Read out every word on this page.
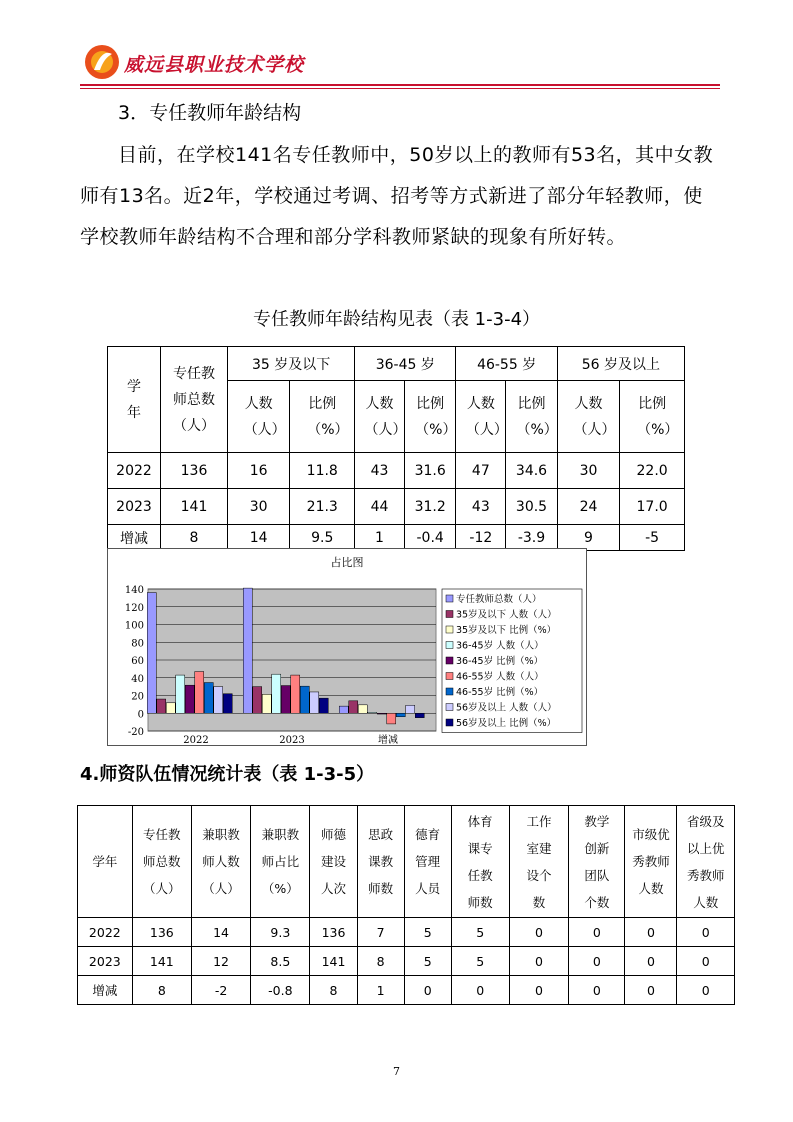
威远县职业技术学校
3．专任教师年龄结构
目前，在学校141名专任教师中，50岁以上的教师有53名，其中女教师有13名。近2年，学校通过考调、招考等方式新进了部分年轻教师，使学校教师年龄结构不合理和部分学科教师紧缺的现象有所好转。
专任教师年龄结构见表（表 1-3-4）
学年	专任教师总数（人）	35 岁及以下		36-45 岁		46-55 岁		56 岁及以上	
		人数（人）	比例（%）	人数（人）	比例（%）	人数（人）	比例（%）	人数（人）	比例（%）
2022	136	16	11.8	43	31.6	47	34.6	30	22.0
2023	141	30	21.3	44	31.2	43	30.5	24	17.0
增减	8	14	9.5	1	-0.4	-12	-3.9	9	-5
占比图
140
120
100
80
60
40
20
0
-20
2022	2023	增减
专任教师总数（人）
35岁及以下 人数（人）
35岁及以下 比例（%）
36-45岁 人数（人）
36-45岁 比例（%）
46-55岁 人数（人）
46-55岁 比例（%）
56岁及以上 人数（人）
56岁及以上 比例（%）
4.师资队伍情况统计表（表 1-3-5）
学年	专任教师总数（人）	兼职教师人数（人）	兼职教师占比（%）	师德建设人次	思政课教师数	德育管理人员	体育课专任教师数	工作室建设个数	教学创新团队个数	市级优秀教师人数	省级及以上优秀教师人数
2022	136	14	9.3	136	7	5	5	0	0	0	0
2023	141	12	8.5	141	8	5	5	0	0	0	0
增减	8	-2	-0.8	8	1	0	0	0	0	0	0
7
